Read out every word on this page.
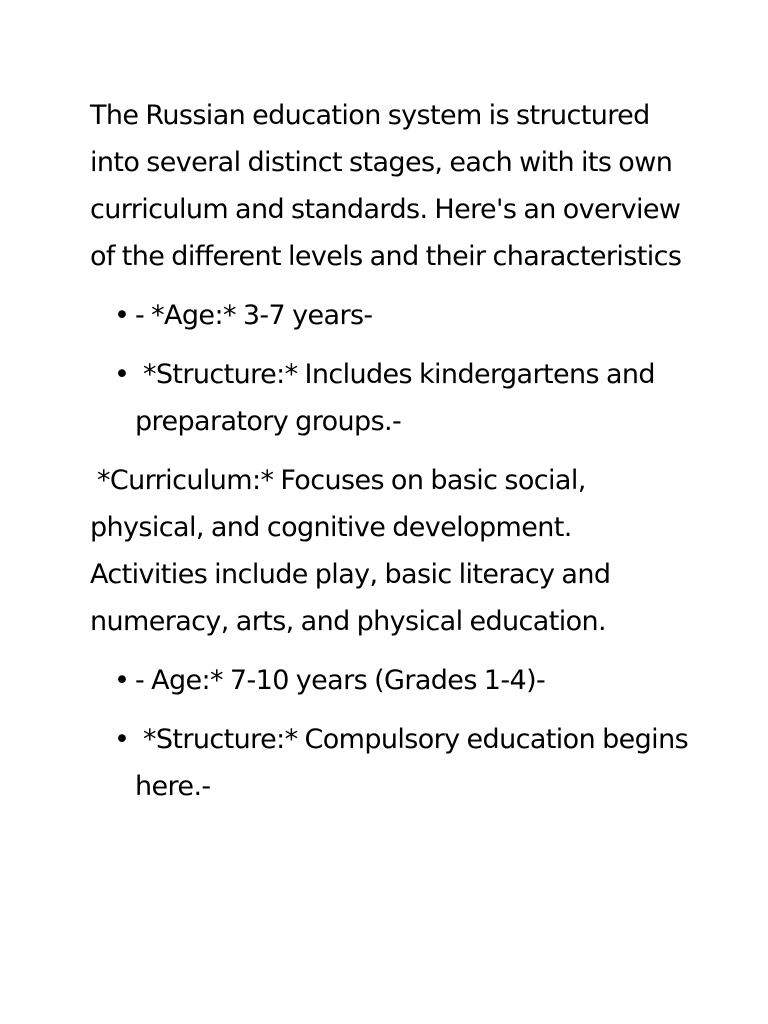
The Russian education system is structured into several distinct stages, each with its own curriculum and standards. Here's an overview of the different levels and their characteristics

• - *Age:* 3-7 years-
• *Structure:* Includes kindergartens and preparatory groups.-

*Curriculum:* Focuses on basic social, physical, and cognitive development. Activities include play, basic literacy and numeracy, arts, and physical education.

• - Age:* 7-10 years (Grades 1-4)-
• *Structure:* Compulsory education begins here.-
